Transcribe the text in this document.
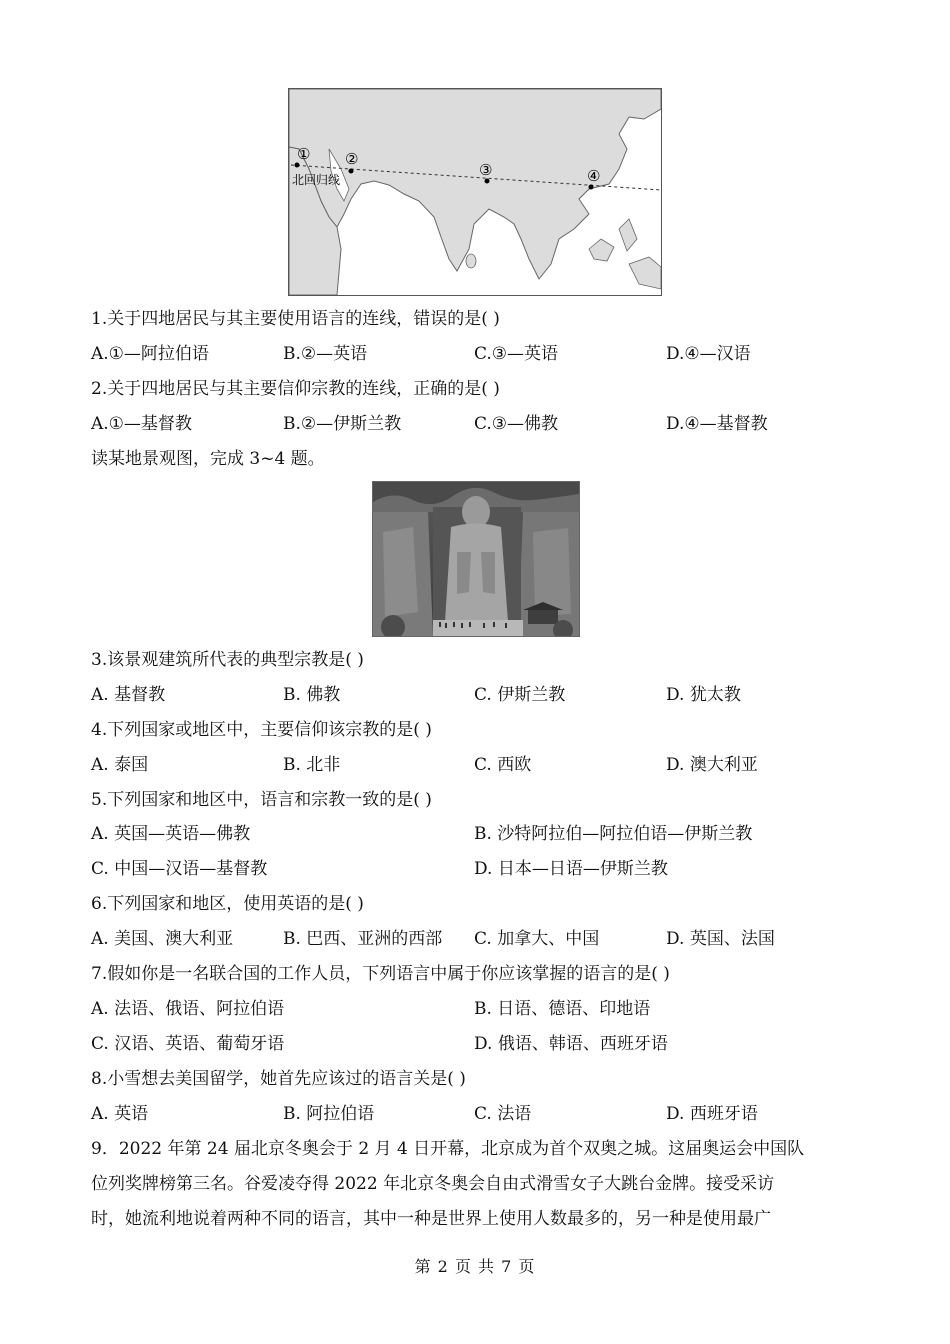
① ②
③	④
北回归线
1.关于四地居民与其主要使用语言的连线，错误的是( )
A.①—阿拉伯语	B.②—英语	C.③—英语	D.④—汉语
2.关于四地居民与其主要信仰宗教的连线，正确的是( )
A.①—基督教	B.②—伊斯兰教	C.③—佛教	D.④—基督教
读某地景观图，完成 3~4 题。
3.该景观建筑所代表的典型宗教是( )
A. 基督教	B. 佛教	C. 伊斯兰教	D. 犹太教
4.下列国家或地区中，主要信仰该宗教的是( )
A. 泰国	B. 北非	C. 西欧	D. 澳大利亚
5.下列国家和地区中，语言和宗教一致的是( )
A. 英国—英语—佛教	B. 沙特阿拉伯—阿拉伯语—伊斯兰教
C. 中国—汉语—基督教	D. 日本—日语—伊斯兰教
6.下列国家和地区，使用英语的是( )
A. 美国、澳大利亚	B. 巴西、亚洲的西部 C. 加拿大、中国	D. 英国、法国
7.假如你是一名联合国的工作人员，下列语言中属于你应该掌握的语言的是( )
A. 法语、俄语、阿拉伯语	B. 日语、德语、印地语
C. 汉语、英语、葡萄牙语	D. 俄语、韩语、西班牙语
8.小雪想去美国留学，她首先应该过的语言关是( )
A. 英语	B. 阿拉伯语	C. 法语	D. 西班牙语
9．2022 年第 24 届北京冬奥会于 2 月 4 日开幕，北京成为首个双奥之城。这届奥运会中国队
位列奖牌榜第三名。谷爱凌夺得 2022 年北京冬奥会自由式滑雪女子大跳台金牌。接受采访
时，她流利地说着两种不同的语言，其中一种是世界上使用人数最多的，另一种是使用最广
第 2 页 共 7 页
